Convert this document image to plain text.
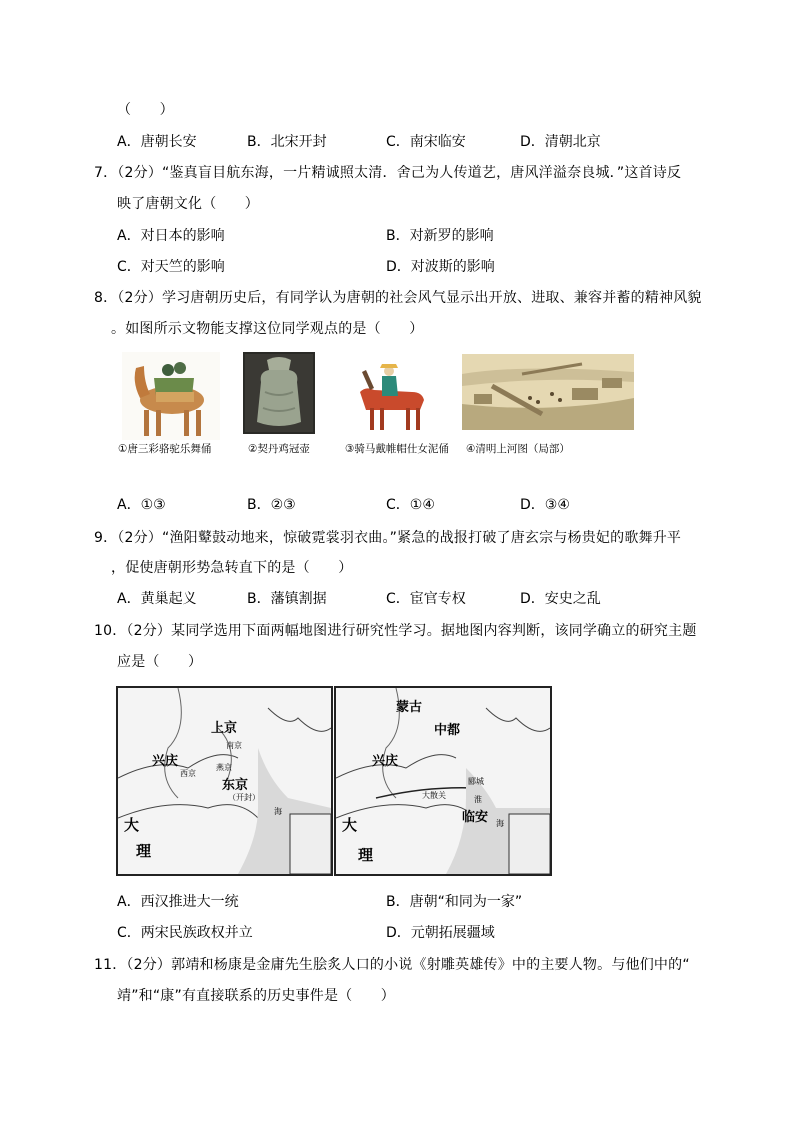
（　　）
A．唐朝长安	B．北宋开封	C．南宋临安	D．清朝北京
7．（2分）“鉴真盲目航东海，一片精诚照太清．舍己为人传道艺，唐风洋溢奈良城．”这首诗反
映了唐朝文化（　　）
A．对日本的影响	B．对新罗的影响
C．对天竺的影响	D．对波斯的影响
8．（2分）学习唐朝历史后，有同学认为唐朝的社会风气显示出开放、进取、兼容并蓄的精神风貌
。如图所示文物能支撑这位同学观点的是（　　）
①唐三彩骆驼乐舞俑	②契丹鸡冠壶	③骑马戴帷帽仕女泥俑 ④清明上河图（局部）
A．①③	B．②③	C．①④	D．③④
9．（2分）“渔阳鼙鼓动地来，惊破霓裳羽衣曲。”紧急的战报打破了唐玄宗与杨贵妃的歌舞升平
，促使唐朝形势急转直下的是（　　）
A．黄巢起义	B．藩镇割据	C．宦官专权	D．安史之乱
10．（2分）某同学选用下面两幅地图进行研究性学习。据地图内容判断，该同学确立的研究主题
应是（　　）
上京
兴庆
东京
大
理
南京
燕京
西京
（开封）
海
蒙古
中都
兴庆
临安
大
理
郾城
大散关	淮
海
A．西汉推进大一统	B．唐朝“和同为一家”
C．两宋民族政权并立	D．元朝拓展疆域
11．（2分）郭靖和杨康是金庸先生脍炙人口的小说《射雕英雄传》中的主要人物。与他们中的“
靖”和“康”有直接联系的历史事件是（　　）
